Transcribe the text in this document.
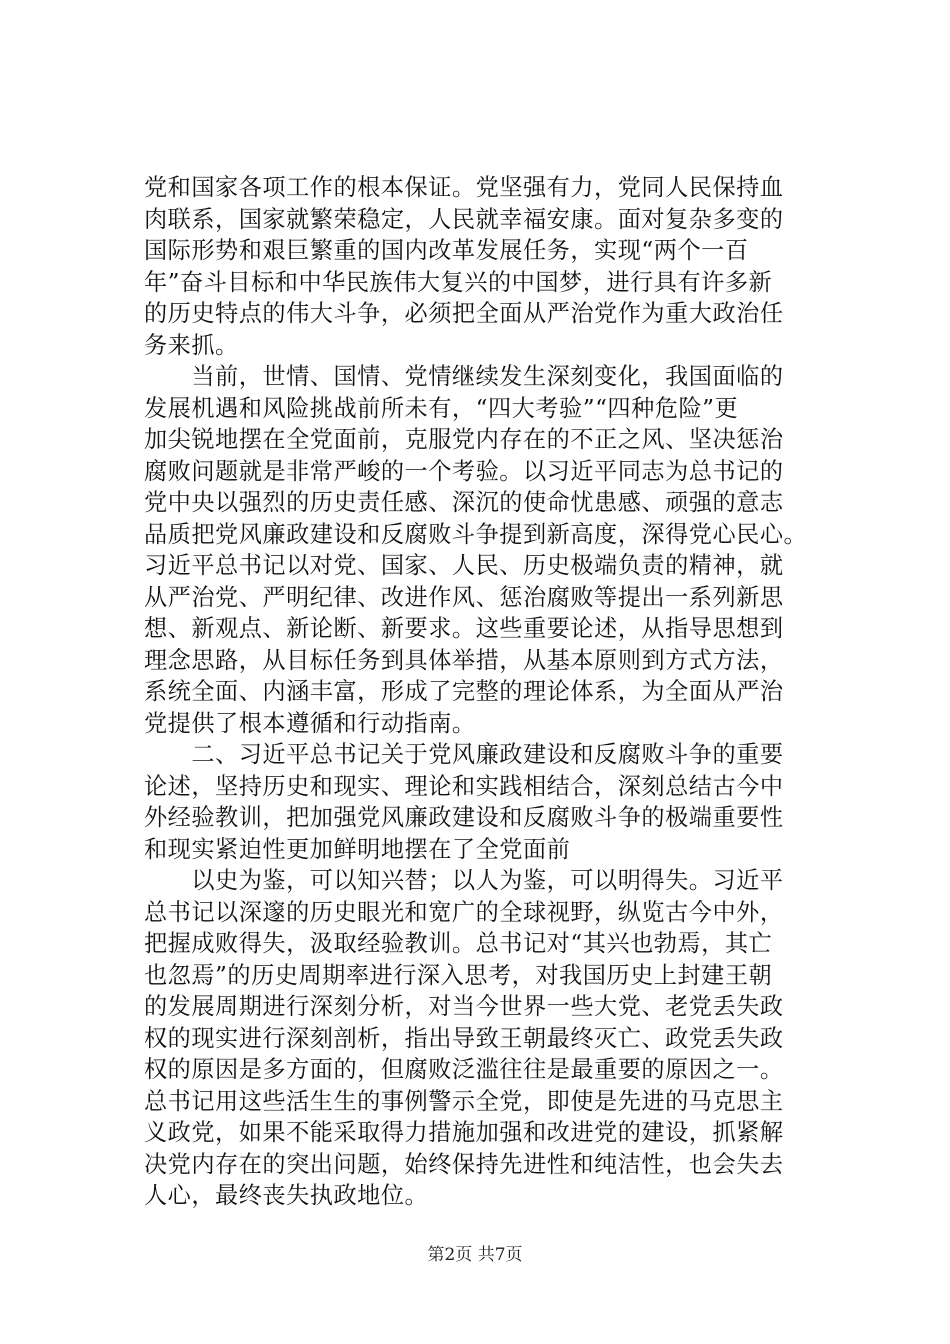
党和国家各项工作的根本保证。党坚强有力，党同人民保持血
肉联系，国家就繁荣稳定，人民就幸福安康。面对复杂多变的
国际形势和艰巨繁重的国内改革发展任务，实现“两个一百
年”奋斗目标和中华民族伟大复兴的中国梦，进行具有许多新
的历史特点的伟大斗争，必须把全面从严治党作为重大政治任
务来抓。
　　当前，世情、国情、党情继续发生深刻变化，我国面临的
发展机遇和风险挑战前所未有，“四大考验”“四种危险”更
加尖锐地摆在全党面前，克服党内存在的不正之风、坚决惩治
腐败问题就是非常严峻的一个考验。以习近平同志为总书记的
党中央以强烈的历史责任感、深沉的使命忧患感、顽强的意志
品质把党风廉政建设和反腐败斗争提到新高度，深得党心民心。
习近平总书记以对党、国家、人民、历史极端负责的精神，就
从严治党、严明纪律、改进作风、惩治腐败等提出一系列新思
想、新观点、新论断、新要求。这些重要论述，从指导思想到
理念思路，从目标任务到具体举措，从基本原则到方式方法，
系统全面、内涵丰富，形成了完整的理论体系，为全面从严治
党提供了根本遵循和行动指南。
　　二、习近平总书记关于党风廉政建设和反腐败斗争的重要
论述，坚持历史和现实、理论和实践相结合，深刻总结古今中
外经验教训，把加强党风廉政建设和反腐败斗争的极端重要性
和现实紧迫性更加鲜明地摆在了全党面前
　　以史为鉴，可以知兴替；以人为鉴，可以明得失。习近平
总书记以深邃的历史眼光和宽广的全球视野，纵览古今中外，
把握成败得失，汲取经验教训。总书记对“其兴也勃焉，其亡
也忽焉”的历史周期率进行深入思考，对我国历史上封建王朝
的发展周期进行深刻分析，对当今世界一些大党、老党丢失政
权的现实进行深刻剖析，指出导致王朝最终灭亡、政党丢失政
权的原因是多方面的，但腐败泛滥往往是最重要的原因之一。
总书记用这些活生生的事例警示全党，即使是先进的马克思主
义政党，如果不能采取得力措施加强和改进党的建设，抓紧解
决党内存在的突出问题，始终保持先进性和纯洁性，也会失去
人心，最终丧失执政地位。
第2页 共7页
